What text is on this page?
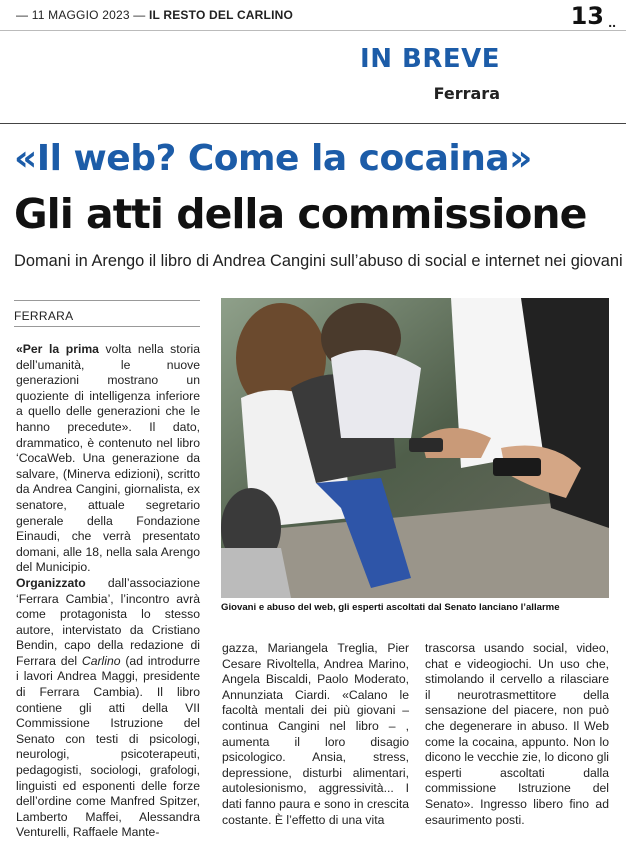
— 11 MAGGIO 2023 — IL RESTO DEL CARLINO	13 ..
IN BREVE
Ferrara
«Il web? Come la cocaina»
Gli atti della commissione
Domani in Arengo il libro di Andrea Cangini sull’abuso di social e internet nei giovani
FERRARA

«Per la prima volta nella storia dell’umanità, le nuove generazioni mostrano un quoziente di intelligenza inferiore a quello delle generazioni che le hanno precedute». Il dato, drammatico, è contenuto nel libro ‘CocaWeb. Una generazione da salvare, (Minerva edizioni), scritto da Andrea Cangini, giornalista, ex senatore, attuale segretario generale della Fondazione Einaudi, che verrà presentato domani, alle 18, nella sala Arengo del Municipio.

Organizzato dall’associazione ‘Ferrara Cambia’, l’incontro avrà come protagonista lo stesso autore, intervistato da Cristiano Bendin, capo della redazione di Ferrara del Carlino (ad introdurre i lavori Andrea Maggi, presidente di Ferrara Cambia). Il libro contiene gli atti della VII Commissione Istruzione del Senato con testi di psicologi, neurologi, psicoterapeuti, pedagogisti, sociologi, grafologi, linguisti ed esponenti delle forze dell’ordine come Manfred Spitzer, Lamberto Maffei, Alessandra Venturelli, Raffaele Mante-

Giovani e abuso del web, gli esperti ascoltati dal Senato lanciano l’allarme

gazza, Mariangela Treglia, Pier Cesare Rivoltella, Andrea Marino, Angela Biscaldi, Paolo Moderato, Annunziata Ciardi. «Calano le facoltà mentali dei più giovani – continua Cangini nel libro – , aumenta il loro disagio psicologico. Ansia, stress, depressione, disturbi alimentari, autolesionismo, aggressività... I dati fanno paura e sono in crescita costante. È l’effetto di una vita

trascorsa usando social, video, chat e videogiochi. Un uso che, stimolando il cervello a rilasciare il neurotrasmettitore della sensazione del piacere, non può che degenerare in abuso. Il Web come la cocaina, appunto. Non lo dicono le vecchie zie, lo dicono gli esperti ascoltati dalla commissione Istruzione del Senato». Ingresso libero fino ad esaurimento posti.
